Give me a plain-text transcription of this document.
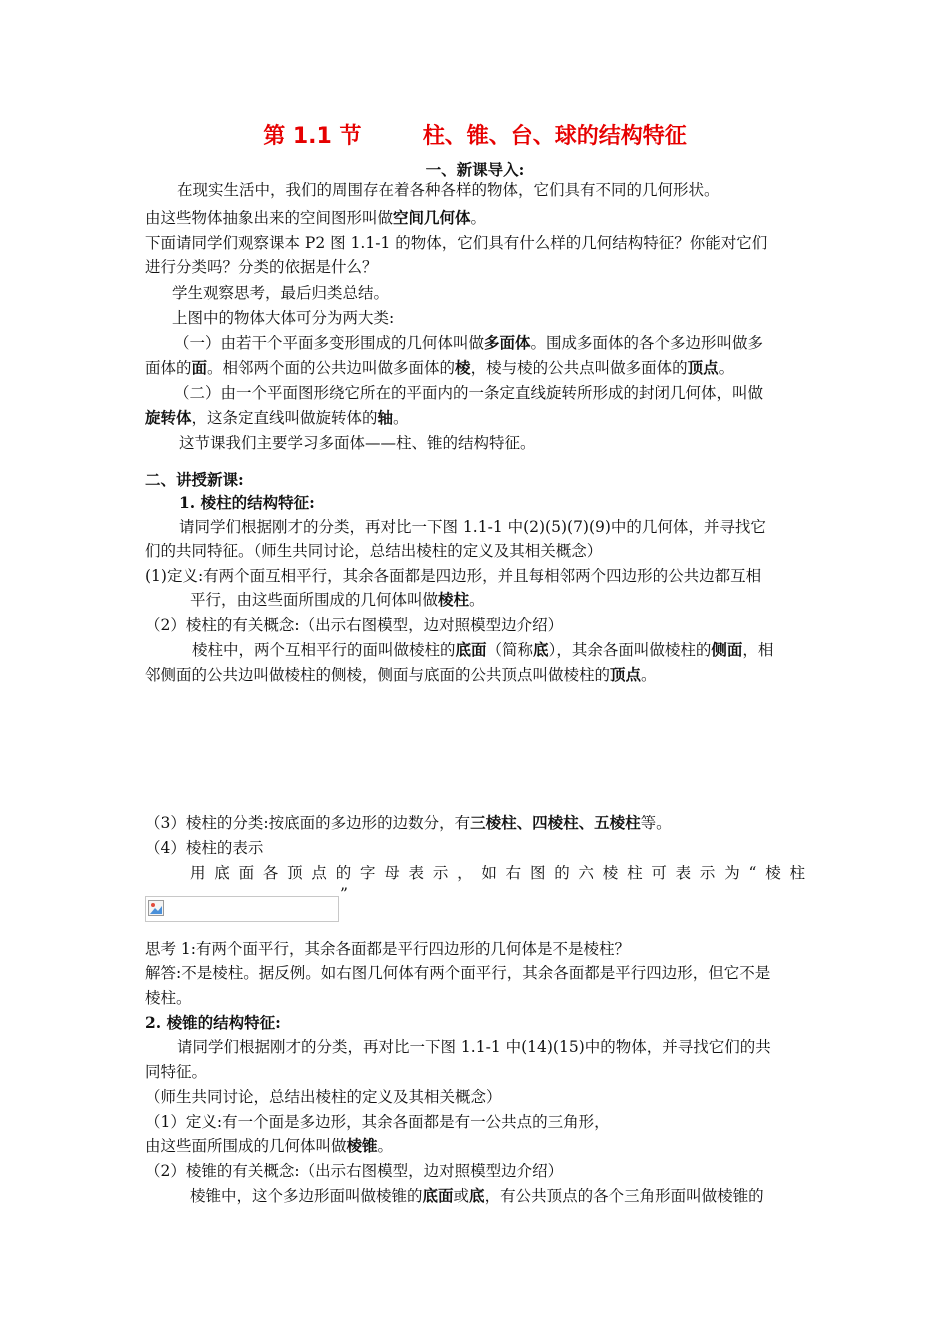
第 1.1 节        柱、锥、台、球的结构特征
一、新课导入:
在现实生活中，我们的周围存在着各种各样的物体，它们具有不同的几何形状。
由这些物体抽象出来的空间图形叫做空间几何体。
下面请同学们观察课本 P2 图 1.1-1 的物体，它们具有什么样的几何结构特征？你能对它们
进行分类吗？分类的依据是什么？
学生观察思考，最后归类总结。
上图中的物体大体可分为两大类:
（一）由若干个平面多变形围成的几何体叫做多面体。围成多面体的各个多边形叫做多
面体的面。相邻两个面的公共边叫做多面体的棱，棱与棱的公共点叫做多面体的顶点。
（二）由一个平面图形绕它所在的平面内的一条定直线旋转所形成的封闭几何体，叫做
旋转体，这条定直线叫做旋转体的轴。
这节课我们主要学习多面体——柱、锥的结构特征。
二、讲授新课:
1. 棱柱的结构特征:
请同学们根据刚才的分类，再对比一下图 1.1-1 中(2)(5)(7)(9)中的几何体，并寻找它
们的共同特征。（师生共同讨论，总结出棱柱的定义及其相关概念）
(1)定义:有两个面互相平行，其余各面都是四边形，并且每相邻两个四边形的公共边都互相
平行，由这些面所围成的几何体叫做棱柱。
（2）棱柱的有关概念:（出示右图模型，边对照模型边介绍）
棱柱中，两个互相平行的面叫做棱柱的底面（简称底），其余各面叫做棱柱的侧面，相
邻侧面的公共边叫做棱柱的侧棱，侧面与底面的公共顶点叫做棱柱的顶点。
（3）棱柱的分类:按底面的多边形的边数分，有三棱柱、四棱柱、五棱柱等。
（4）棱柱的表示
用底面各顶点的字母表示，如右图的六棱柱可表示为“棱柱
”
思考 1:有两个面平行，其余各面都是平行四边形的几何体是不是棱柱？
解答:不是棱柱。据反例。如右图几何体有两个面平行，其余各面都是平行四边形，但它不是
棱柱。
2. 棱锥的结构特征:
请同学们根据刚才的分类，再对比一下图 1.1-1 中(14)(15)中的物体，并寻找它们的共
同特征。
（师生共同讨论，总结出棱柱的定义及其相关概念）
（1）定义:有一个面是多边形，其余各面都是有一公共点的三角形，
由这些面所围成的几何体叫做棱锥。
（2）棱锥的有关概念:（出示右图模型，边对照模型边介绍）
棱锥中，这个多边形面叫做棱锥的底面或底，有公共顶点的各个三角形面叫做棱锥的
